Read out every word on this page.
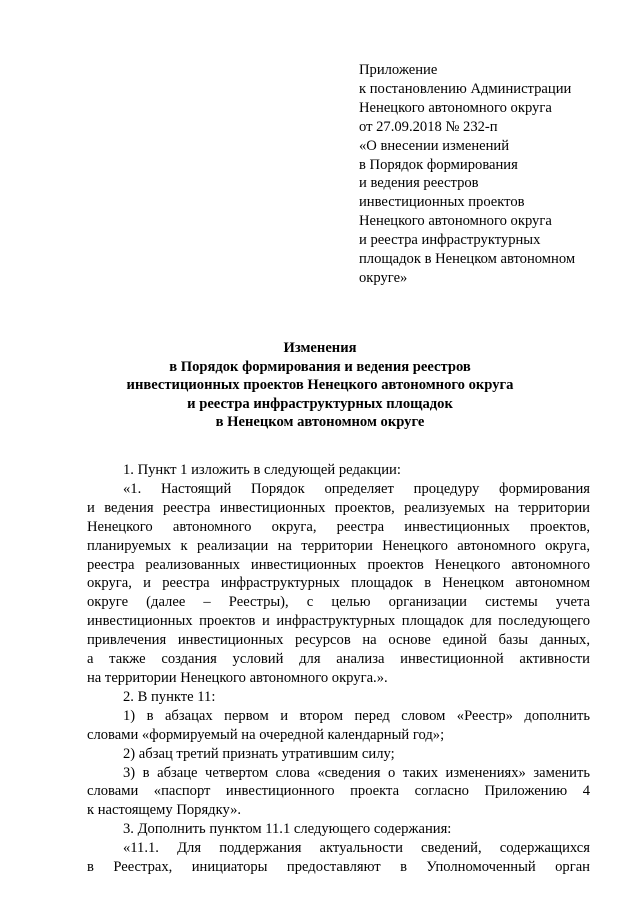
Приложение
к постановлению Администрации
Ненецкого автономного округа
от 27.09.2018 № 232-п
«О внесении изменений
в Порядок формирования
и ведения реестров
инвестиционных проектов
Ненецкого автономного округа
и реестра инфраструктурных
площадок в Ненецком автономном
округе»
Изменения
в Порядок формирования и ведения реестров
инвестиционных проектов Ненецкого автономного округа
и реестра инфраструктурных площадок
в Ненецком автономном округе
1. Пункт 1 изложить в следующей редакции:
«1. Настоящий Порядок определяет процедуру формирования
и ведения реестра инвестиционных проектов, реализуемых на территории
Ненецкого автономного округа, реестра инвестиционных проектов,
планируемых к реализации на территории Ненецкого автономного округа,
реестра реализованных инвестиционных проектов Ненецкого автономного
округа, и реестра инфраструктурных площадок в Ненецком автономном
округе (далее – Реестры), с целью организации системы учета
инвестиционных проектов и инфраструктурных площадок для последующего
привлечения инвестиционных ресурсов на основе единой базы данных,
а также создания условий для анализа инвестиционной активности
на территории Ненецкого автономного округа.».
2. В пункте 11:
1) в абзацах первом и втором перед словом «Реестр» дополнить
словами «формируемый на очередной календарный год»;
2) абзац третий признать утратившим силу;
3) в абзаце четвертом слова «сведения о таких изменениях» заменить
словами «паспорт инвестиционного проекта согласно Приложению 4
к настоящему Порядку».
3. Дополнить пунктом 11.1 следующего содержания:
«11.1. Для поддержания актуальности сведений, содержащихся
в Реестрах, инициаторы предоставляют в Уполномоченный орган
